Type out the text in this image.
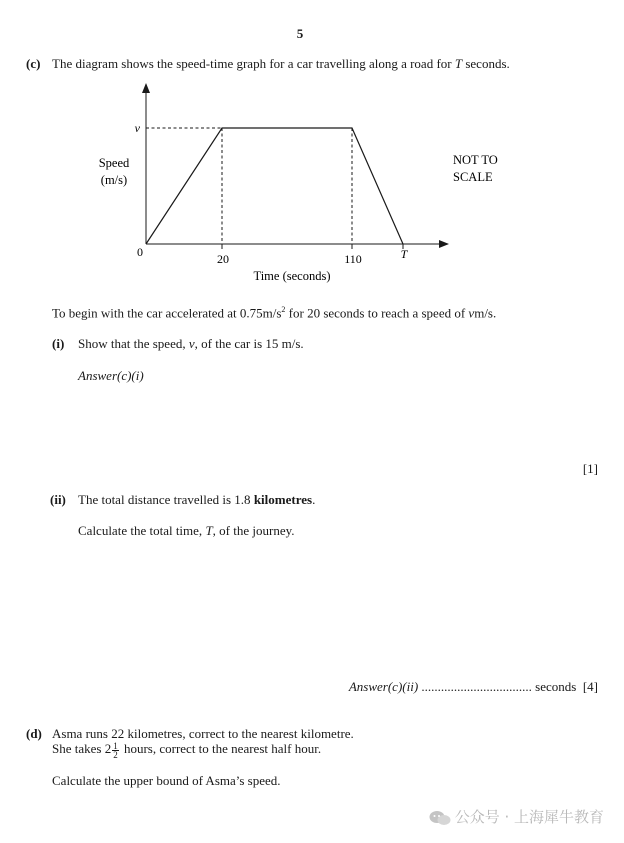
5
(c) The diagram shows the speed-time graph for a car travelling along a road for T seconds.
v
0	20	110	T
Speed
(m/s)
Time (seconds)
NOT TO
SCALE
To begin with the car accelerated at $0.75m/s^2$ for 20 seconds to reach a speed of vm/s.
(i) Show that the speed, v, of the car is 15 m/s.
Answer(c)(i)
[1]
(ii) The total distance travelled is 1.8 kilometres.
Calculate the total time, T, of the journey.
Answer(c)(ii) .................................. seconds [4]
(d) Asma runs 22 kilometres, correct to the nearest kilometre.
She takes $2 \frac{1}{2}$ hours, correct to the nearest half hour.
Calculate the upper bound of Asma’s speed.
公众号 · 上海犀牛教育
